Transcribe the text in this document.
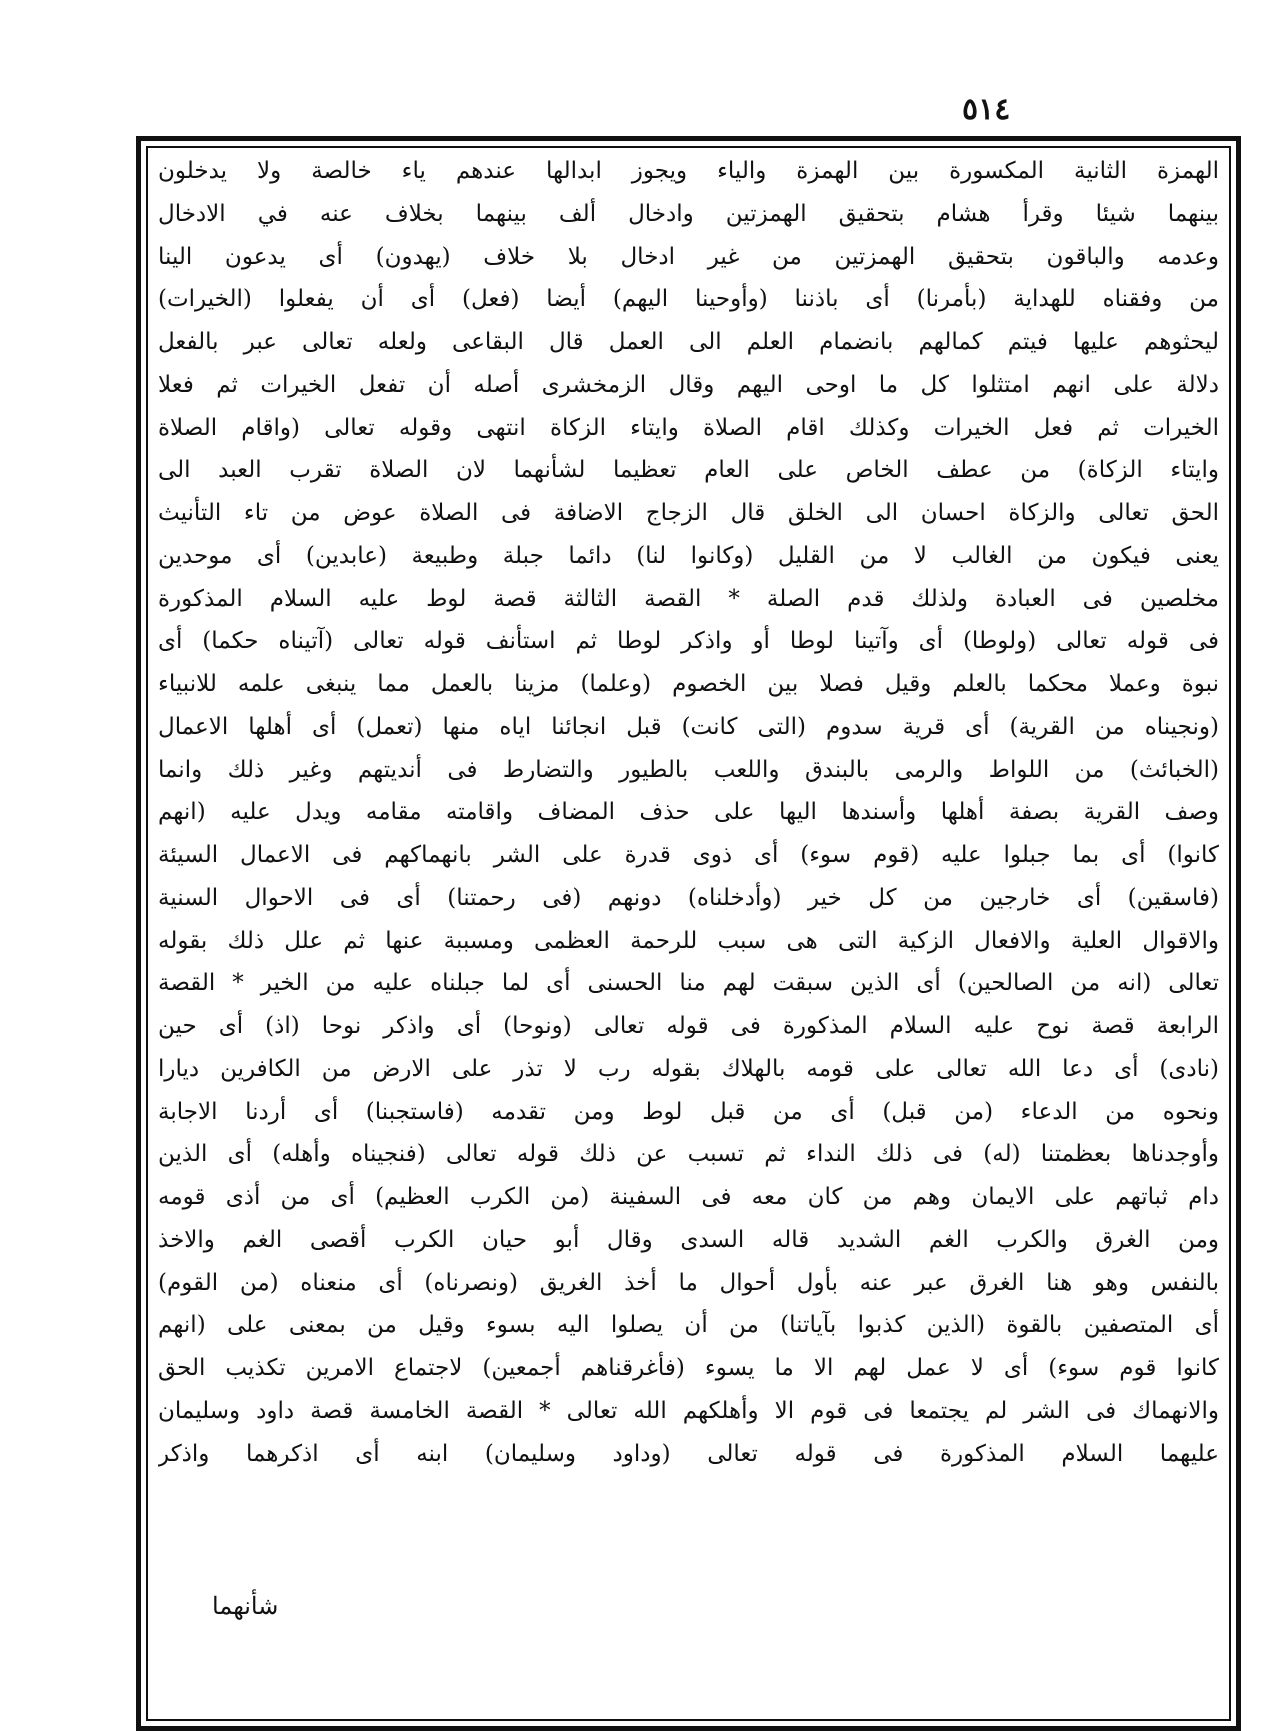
٥١٤
الهمزة الثانية المكسورة بين الهمزة والياء ويجوز ابدالها عندهم ياء خالصة ولا يدخلون
بينهما شيئا وقرأ هشام بتحقيق الهمزتين وادخال ألف بينهما بخلاف عنه في الادخال
وعدمه والباقون بتحقيق الهمزتين من غير ادخال بلا خلاف (يهدون) أى يدعون الينا
من وفقناه للهداية (بأمرنا) أى باذننا (وأوحينا اليهم) أيضا (فعل) أى أن يفعلوا (الخيرات)
ليحثوهم عليها فيتم كمالهم بانضمام العلم الى العمل قال البقاعى ولعله تعالى عبر بالفعل
دلالة على انهم امتثلوا كل ما اوحى اليهم وقال الزمخشرى أصله أن تفعل الخيرات ثم فعلا
الخيرات ثم فعل الخيرات وكذلك اقام الصلاة وايتاء الزكاة انتهى وقوله تعالى (واقام الصلاة
وايتاء الزكاة) من عطف الخاص على العام تعظيما لشأنهما لان الصلاة تقرب العبد الى
الحق تعالى والزكاة احسان الى الخلق قال الزجاج الاضافة فى الصلاة عوض من تاء التأنيث
يعنى فيكون من الغالب لا من القليل (وكانوا لنا) دائما جبلة وطبيعة (عابدين) أى موحدين
مخلصين فى العبادة ولذلك قدم الصلة * القصة الثالثة قصة لوط عليه السلام المذكورة
فى قوله تعالى (ولوطا) أى وآتينا لوطا أو واذكر لوطا ثم استأنف قوله تعالى (آتيناه حكما) أى
نبوة وعملا محكما بالعلم وقيل فصلا بين الخصوم (وعلما) مزينا بالعمل مما ينبغى علمه للانبياء
(ونجيناه من القرية) أى قرية سدوم (التى كانت) قبل انجائنا اياه منها (تعمل) أى أهلها الاعمال
(الخبائث) من اللواط والرمى بالبندق واللعب بالطيور والتضارط فى أنديتهم وغير ذلك وانما
وصف القرية بصفة أهلها وأسندها اليها على حذف المضاف واقامته مقامه ويدل عليه (انهم
كانوا) أى بما جبلوا عليه (قوم سوء) أى ذوى قدرة على الشر بانهماكهم فى الاعمال السيئة
(فاسقين) أى خارجين من كل خير (وأدخلناه) دونهم (فى رحمتنا) أى فى الاحوال السنية
والاقوال العلية والافعال الزكية التى هى سبب للرحمة العظمى ومسببة عنها ثم علل ذلك بقوله
تعالى (انه من الصالحين) أى الذين سبقت لهم منا الحسنى أى لما جبلناه عليه من الخير * القصة
الرابعة قصة نوح عليه السلام المذكورة فى قوله تعالى (ونوحا) أى واذكر نوحا (اذ) أى حين
(نادى) أى دعا الله تعالى على قومه بالهلاك بقوله رب لا تذر على الارض من الكافرين ديارا
ونحوه من الدعاء (من قبل) أى من قبل لوط ومن تقدمه (فاستجبنا) أى أردنا الاجابة
وأوجدناها بعظمتنا (له) فى ذلك النداء ثم تسبب عن ذلك قوله تعالى (فنجيناه وأهله) أى الذين
دام ثباتهم على الايمان وهم من كان معه فى السفينة (من الكرب العظيم) أى من أذى قومه
ومن الغرق والكرب الغم الشديد قاله السدى وقال أبو حيان الكرب أقصى الغم والاخذ
بالنفس وهو هنا الغرق عبر عنه بأول أحوال ما أخذ الغريق (ونصرناه) أى منعناه (من القوم)
أى المتصفين بالقوة (الذين كذبوا بآياتنا) من أن يصلوا اليه بسوء وقيل من بمعنى على (انهم
كانوا قوم سوء) أى لا عمل لهم الا ما يسوء (فأغرقناهم أجمعين) لاجتماع الامرين تكذيب الحق
والانهماك فى الشر لم يجتمعا فى قوم الا وأهلكهم الله تعالى * القصة الخامسة قصة داود وسليمان
عليهما السلام المذكورة فى قوله تعالى (وداود وسليمان) ابنه أى اذكرهما واذكر
شأنهما
